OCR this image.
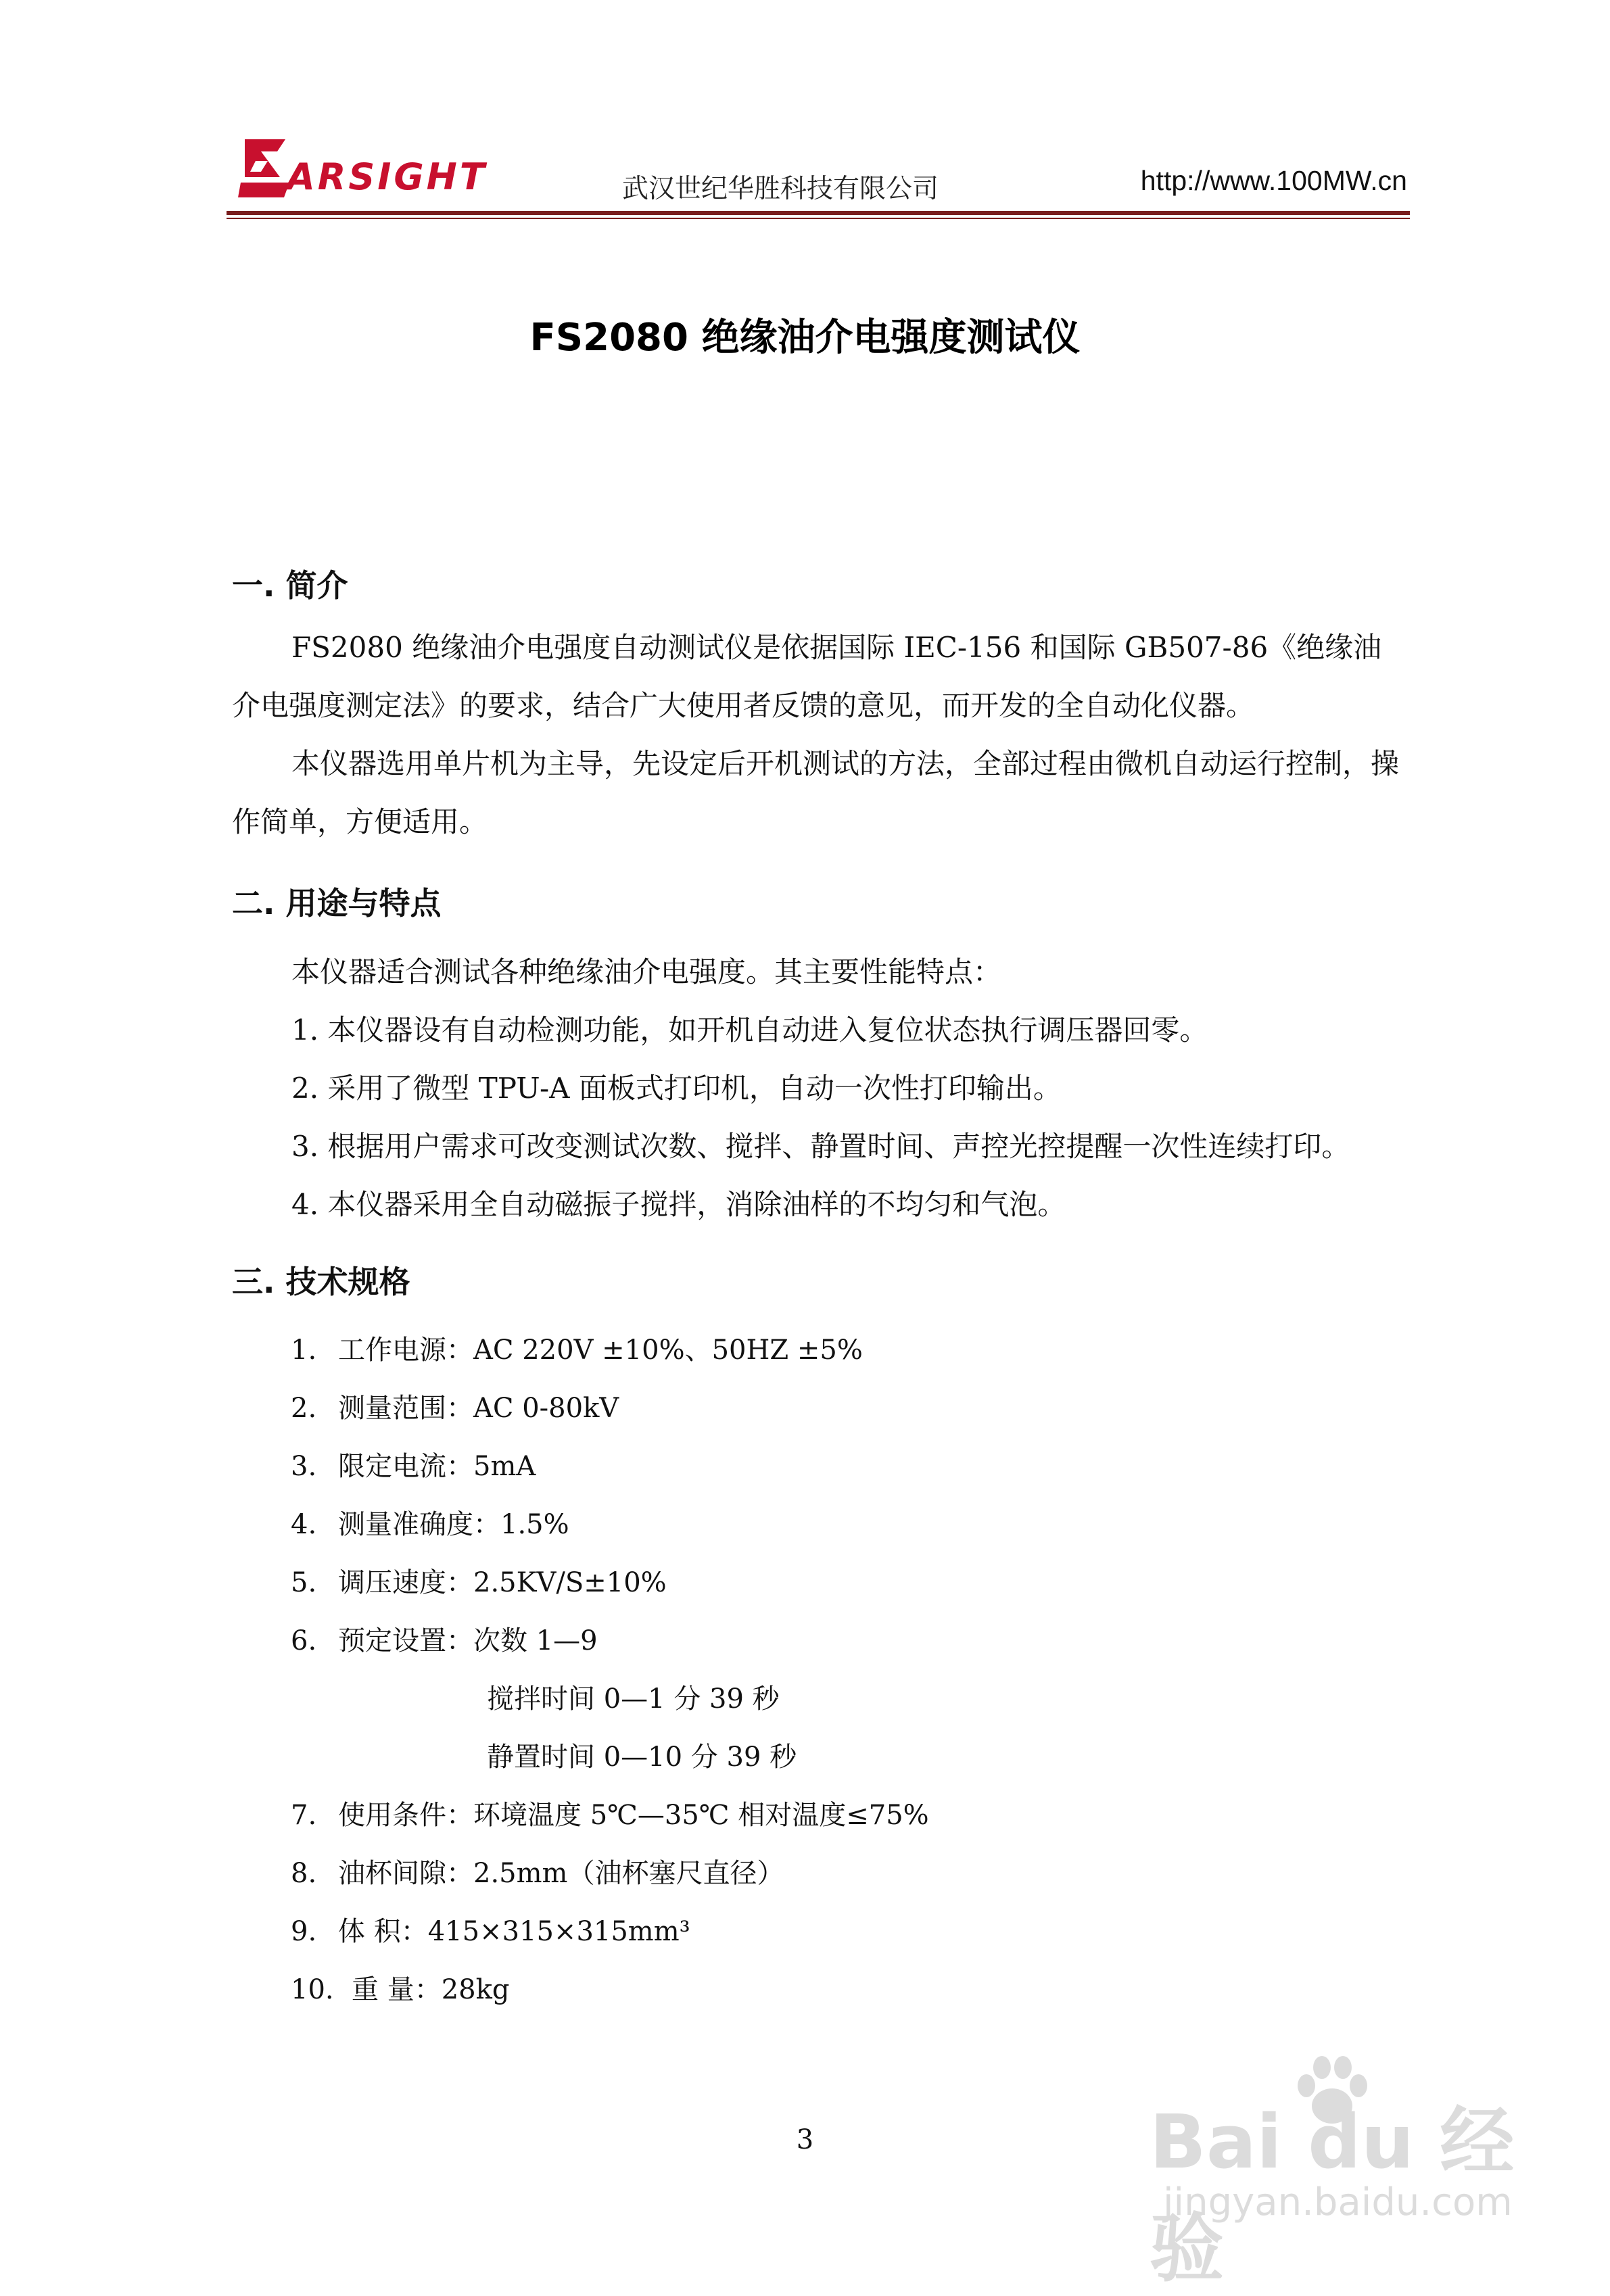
ARSIGHT	武汉世纪华胜科技有限公司	http://www.100MW.cn
FS2080 绝缘油介电强度测试仪
一. 简介
FS2080 绝缘油介电强度自动测试仪是依据国际 IEC-156 和国际 GB507-86《绝缘油介电强度测定法》的要求，结合广大使用者反馈的意见，而开发的全自动化仪器。
本仪器选用单片机为主导，先设定后开机测试的方法，全部过程由微机自动运行控制，操作简单，方便适用。
二. 用途与特点
本仪器适合测试各种绝缘油介电强度。其主要性能特点：
1. 本仪器设有自动检测功能，如开机自动进入复位状态执行调压器回零。
2. 采用了微型 TPU-A 面板式打印机，自动一次性打印输出。
3. 根据用户需求可改变测试次数、搅拌、静置时间、声控光控提醒一次性连续打印。
4. 本仪器采用全自动磁振子搅拌，消除油样的不均匀和气泡。
三. 技术规格
1. 工作电源：AC 220V ±10%、50HZ ±5%
2. 测量范围：AC 0-80kV
3. 限定电流：5mA
4. 测量准确度：1.5%
5. 调压速度：2.5KV/S±10%
6. 预定设置：次数 1—9
搅拌时间 0—1 分 39 秒
静置时间 0—10 分 39 秒
7. 使用条件：环境温度 5℃—35℃ 相对温度≤75%
8. 油杯间隙：2.5mm（油杯塞尺直径）
9. 体 积：415×315×315mm³
10. 重 量：28kg
3	Bai du 经验
jingyan.baidu.com
